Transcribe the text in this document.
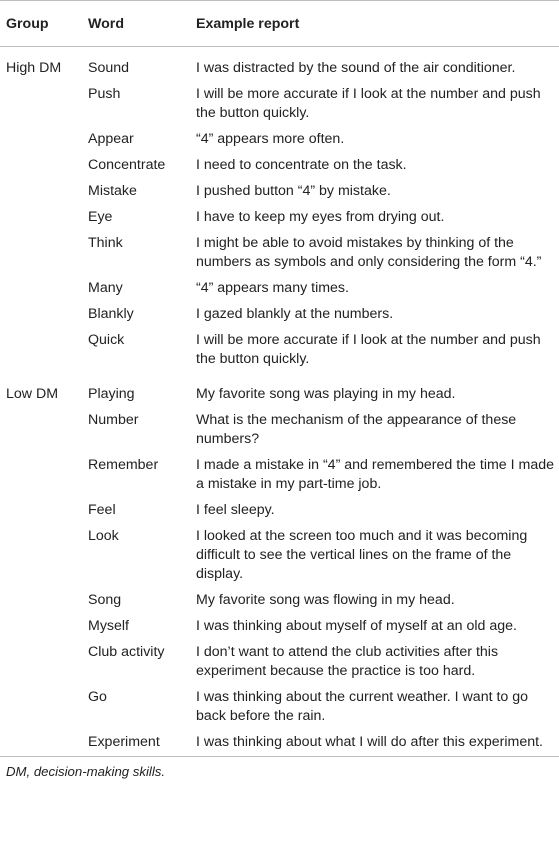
Group	Word	Example report
High DM	Sound	I was distracted by the sound of the air conditioner.
	Push	I will be more accurate if I look at the number and push the button quickly.
	Appear	“4” appears more often.
	Concentrate	I need to concentrate on the task.
	Mistake	I pushed button “4” by mistake.
	Eye	I have to keep my eyes from drying out.
	Think	I might be able to avoid mistakes by thinking of the numbers as symbols and only considering the form “4.”
	Many	“4” appears many times.
	Blankly	I gazed blankly at the numbers.
	Quick	I will be more accurate if I look at the number and push the button quickly.
Low DM	Playing	My favorite song was playing in my head.
	Number	What is the mechanism of the appearance of these numbers?
	Remember	I made a mistake in “4” and remembered the time I made a mistake in my part-time job.
	Feel	I feel sleepy.
	Look	I looked at the screen too much and it was becoming difficult to see the vertical lines on the frame of the display.
	Song	My favorite song was flowing in my head.
	Myself	I was thinking about myself of myself at an old age.
	Club activity	I don’t want to attend the club activities after this experiment because the practice is too hard.
	Go	I was thinking about the current weather. I want to go back before the rain.
	Experiment	I was thinking about what I will do after this experiment.
DM, decision-making skills.
